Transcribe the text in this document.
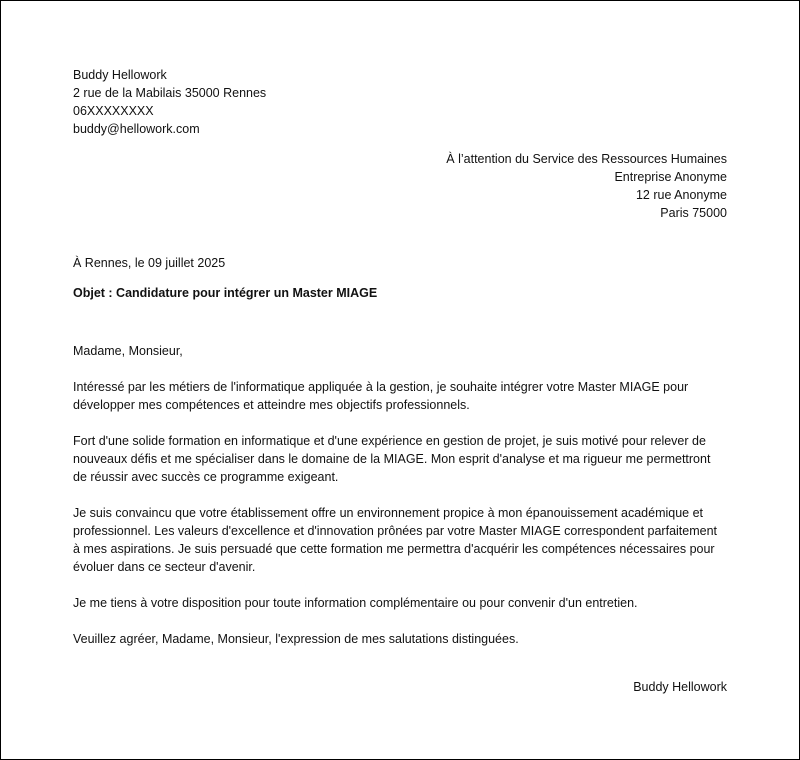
Buddy Hellowork
2 rue de la Mabilais 35000 Rennes
06XXXXXXXX
buddy@hellowork.com
À l’attention du Service des Ressources Humaines
Entreprise Anonyme
12 rue Anonyme
Paris 75000
À Rennes, le 09 juillet 2025
Objet : Candidature pour intégrer un Master MIAGE

Madame, Monsieur,

Intéressé par les métiers de l'informatique appliquée à la gestion, je souhaite intégrer votre Master MIAGE pour développer mes compétences et atteindre mes objectifs professionnels.

Fort d'une solide formation en informatique et d'une expérience en gestion de projet, je suis motivé pour relever de nouveaux défis et me spécialiser dans le domaine de la MIAGE. Mon esprit d'analyse et ma rigueur me permettront de réussir avec succès ce programme exigeant.

Je suis convaincu que votre établissement offre un environnement propice à mon épanouissement académique et professionnel. Les valeurs d'excellence et d'innovation prônées par votre Master MIAGE correspondent parfaitement à mes aspirations. Je suis persuadé que cette formation me permettra d'acquérir les compétences nécessaires pour évoluer dans ce secteur d'avenir.

Je me tiens à votre disposition pour toute information complémentaire ou pour convenir d'un entretien.

Veuillez agréer, Madame, Monsieur, l'expression de mes salutations distinguées.

Buddy Hellowork
